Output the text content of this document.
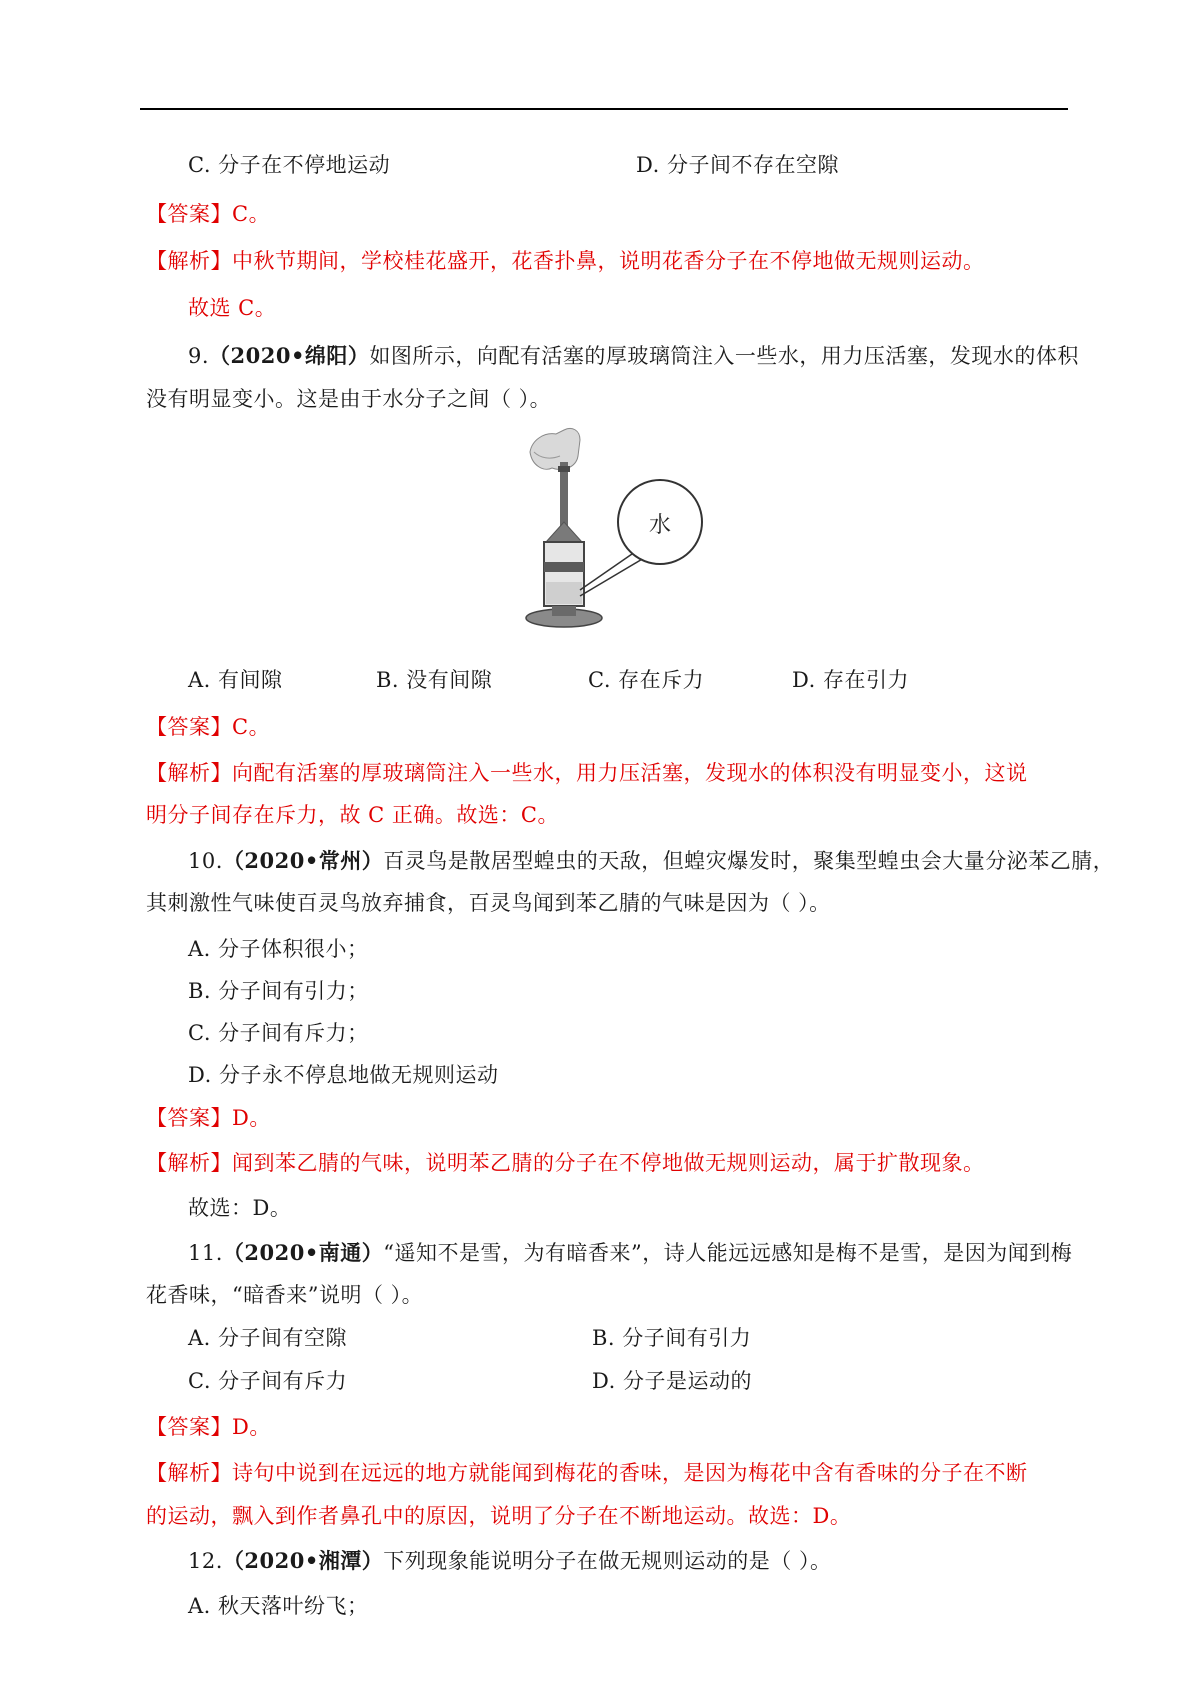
C. 分子在不停地运动	D. 分子间不存在空隙
【答案】C。
【解析】中秋节期间，学校桂花盛开，花香扑鼻，说明花香分子在不停地做无规则运动。
故选 C。
9.（2020•绵阳）如图所示，向配有活塞的厚玻璃筒注入一些水，用力压活塞，发现水的体积
没有明显变小。这是由于水分子之间（ ）。
水
A. 有间隙	B. 没有间隙	C. 存在斥力	D. 存在引力
【答案】C。
【解析】向配有活塞的厚玻璃筒注入一些水，用力压活塞，发现水的体积没有明显变小，这说
明分子间存在斥力，故 C 正确。故选：C。
10.（2020•常州）百灵鸟是散居型蝗虫的天敌，但蝗灾爆发时，聚集型蝗虫会大量分泌苯乙腈，
其刺激性气味使百灵鸟放弃捕食，百灵鸟闻到苯乙腈的气味是因为（ ）。
A. 分子体积很小；
B. 分子间有引力；
C. 分子间有斥力；
D. 分子永不停息地做无规则运动
【答案】D。
【解析】闻到苯乙腈的气味，说明苯乙腈的分子在不停地做无规则运动，属于扩散现象。
故选：D。
11.（2020•南通）“遥知不是雪，为有暗香来”，诗人能远远感知是梅不是雪，是因为闻到梅
花香味，“暗香来”说明（ ）。
A. 分子间有空隙	B. 分子间有引力
C. 分子间有斥力	D. 分子是运动的
【答案】D。
【解析】诗句中说到在远远的地方就能闻到梅花的香味，是因为梅花中含有香味的分子在不断
的运动，飘入到作者鼻孔中的原因，说明了分子在不断地运动。故选：D。
12.（2020•湘潭）下列现象能说明分子在做无规则运动的是（ ）。
A. 秋天落叶纷飞；
